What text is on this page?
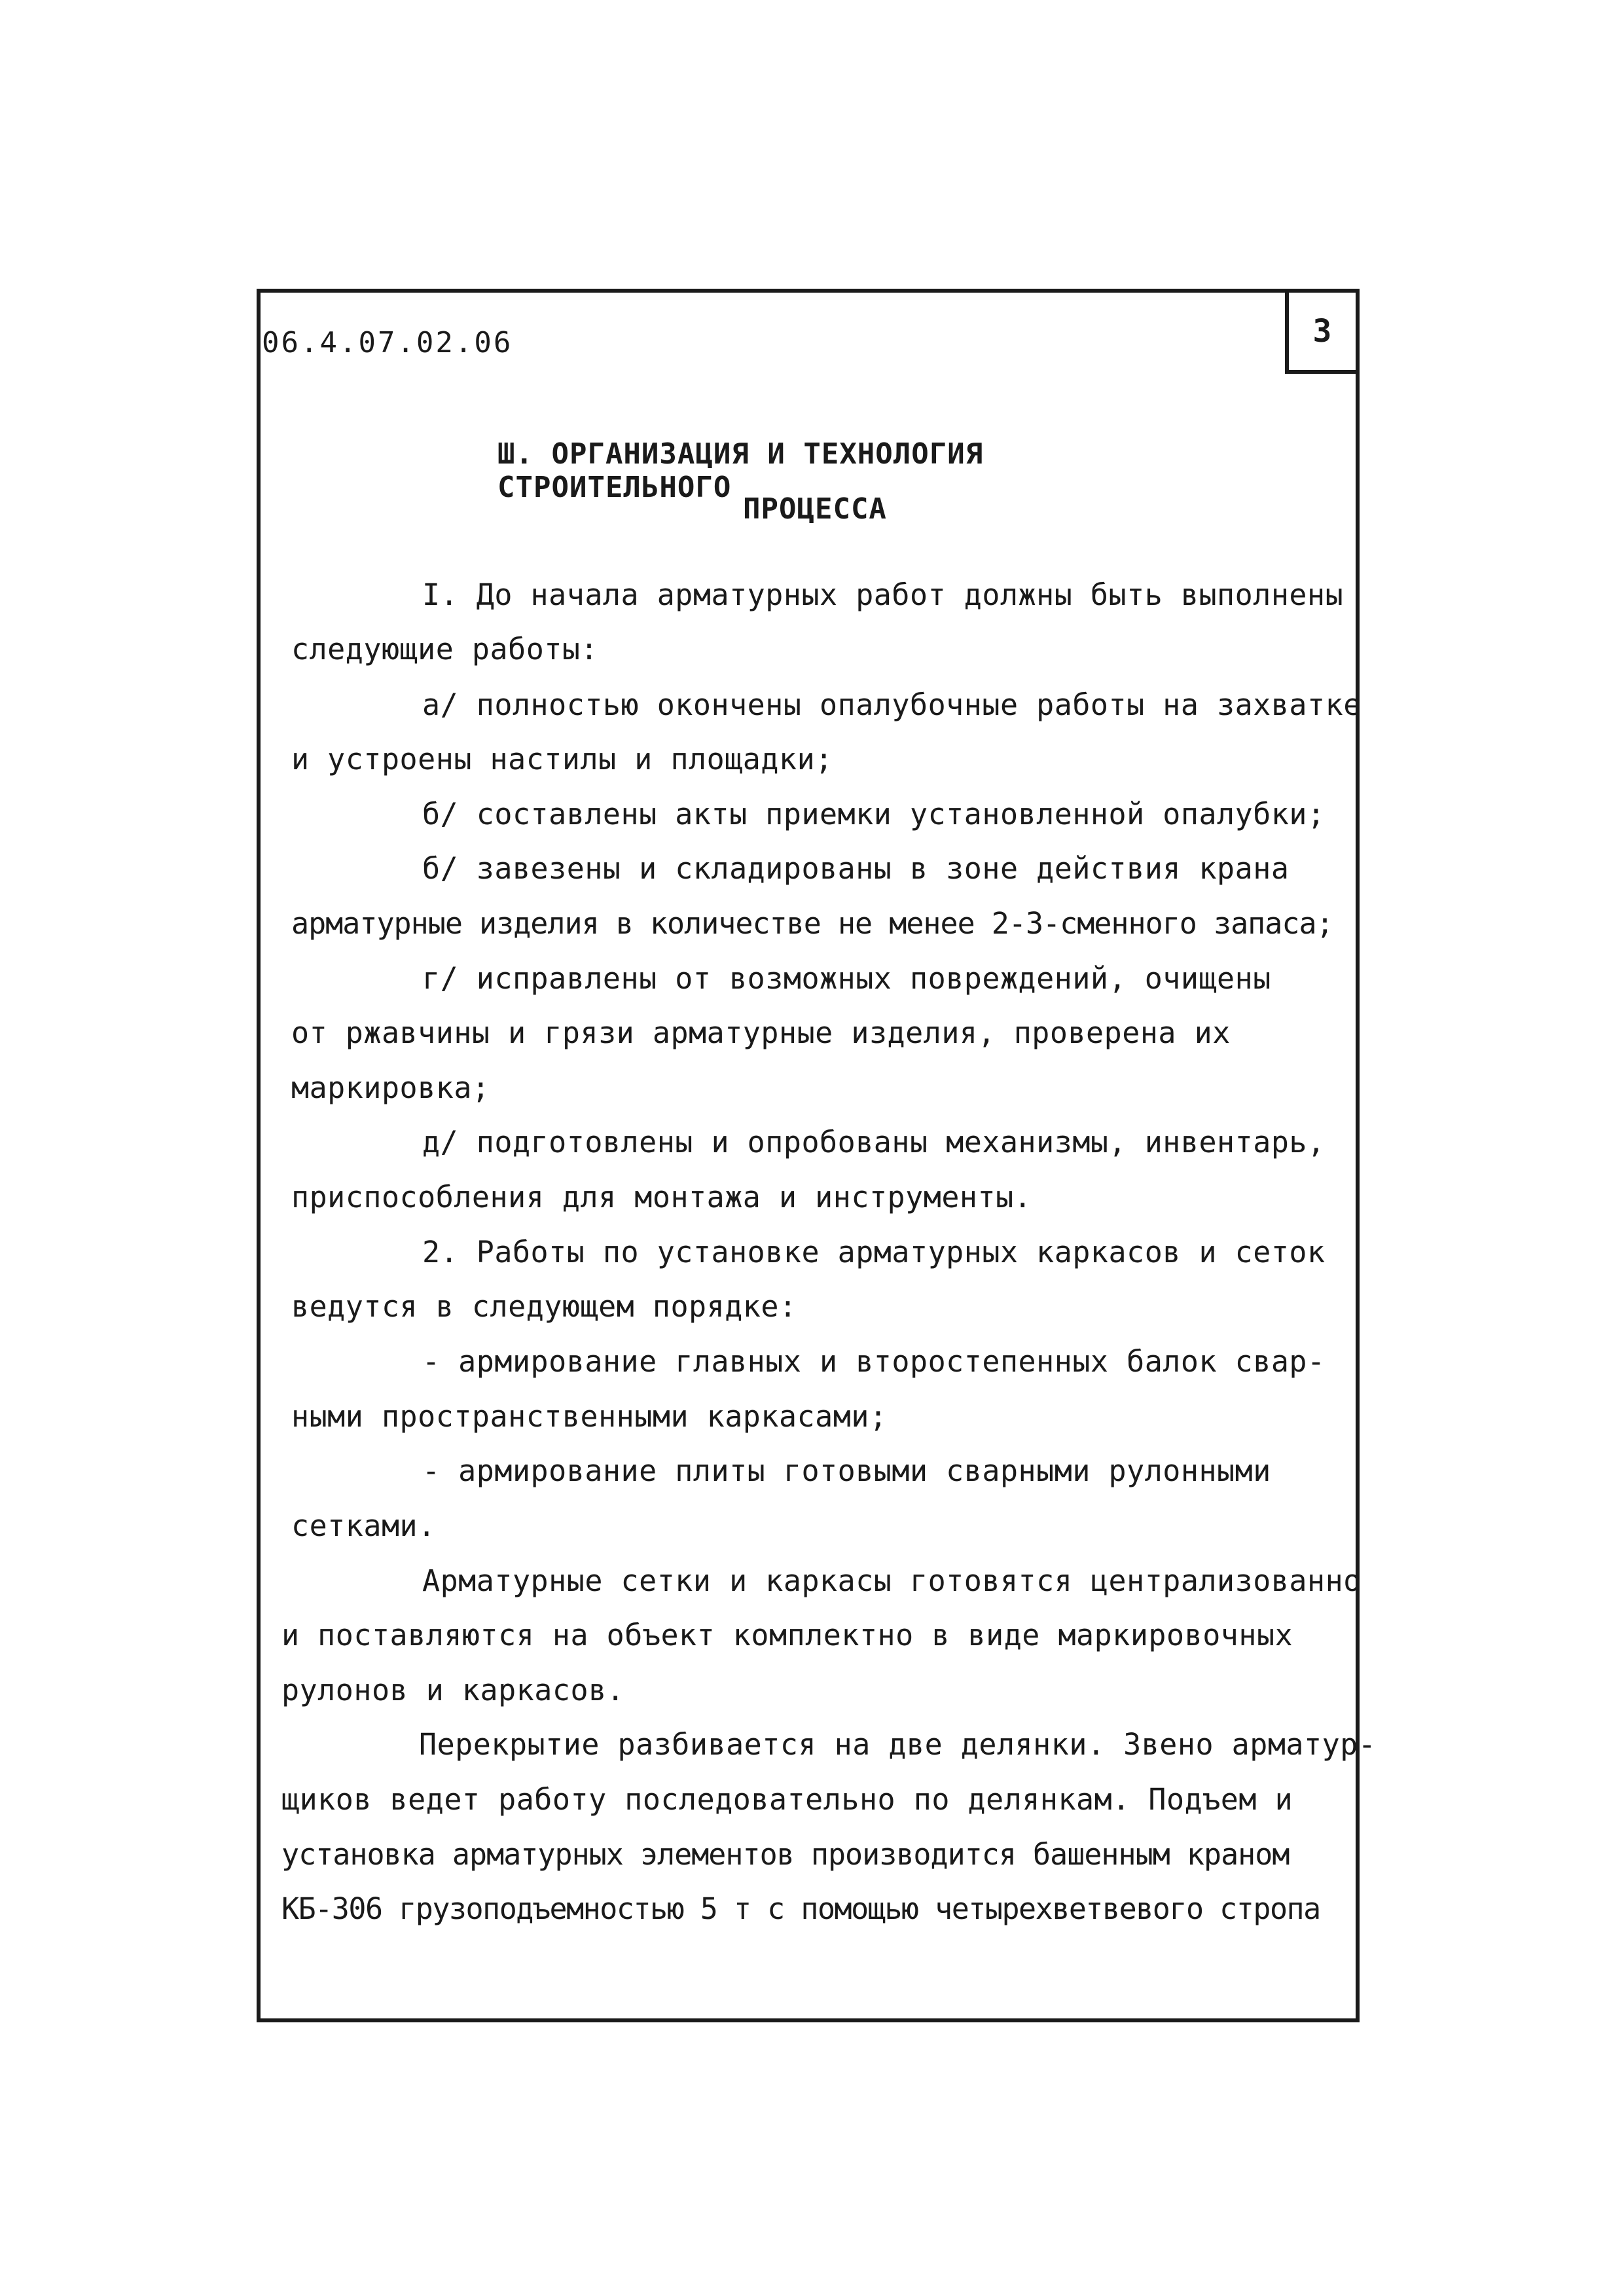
06.4.07.02.06	3
Ш. ОРГАНИЗАЦИЯ И ТЕХНОЛОГИЯ СТРОИТЕЛЬНОГО
ПРОЦЕССА
I. До начала арматурных работ должны быть выполнены
следующие работы:
а/ полностью окончены опалубочные работы на захватке
и устроены настилы и площадки;
б/ составлены акты приемки установленной опалубки;
б/ завезены и складированы в зоне действия крана
арматурные изделия в количестве не менее 2-3-сменного запаса;
г/ исправлены от возможных повреждений, очищены
от ржавчины и грязи арматурные изделия, проверена их
маркировка;
д/ подготовлены и опробованы механизмы, инвентарь,
приспособления для монтажа и инструменты.
2. Работы по установке арматурных каркасов и сеток
ведутся в следующем порядке:
- армирование главных и второстепенных балок свар-
ными пространственными каркасами;
- армирование плиты готовыми сварными рулонными
сетками.
Арматурные сетки и каркасы готовятся централизованно
и поставляются на объект комплектно в виде маркировочных
рулонов и каркасов.
Перекрытие разбивается на две делянки. Звено арматур-
щиков ведет работу последовательно по делянкам. Подъем и
установка арматурных элементов производится башенным краном
КБ-306 грузоподъемностью 5 т с помощью четырехветвевого стропа
